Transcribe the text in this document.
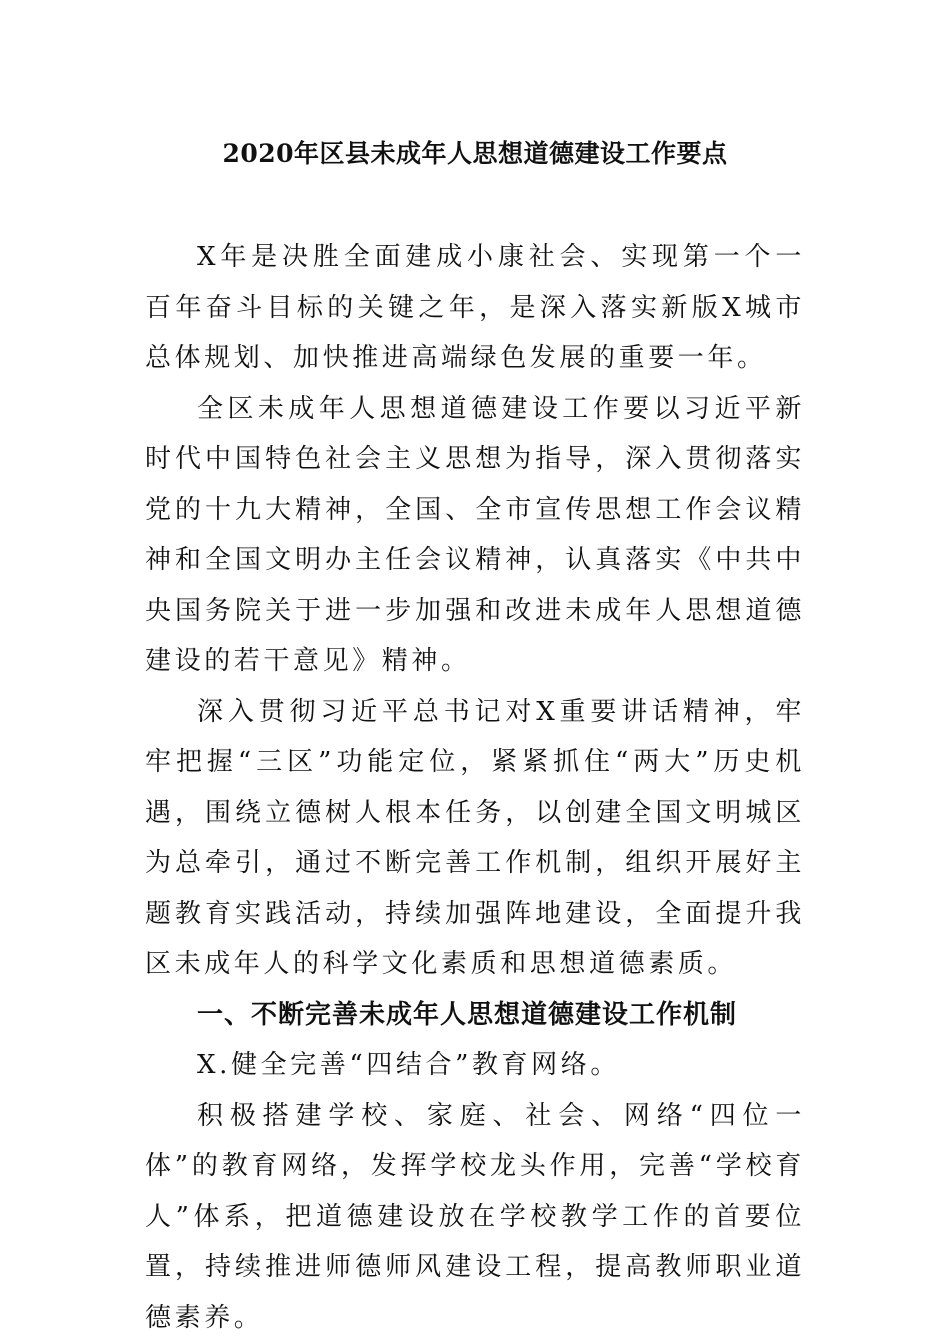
2020年区县未成年人思想道德建设工作要点

X年是决胜全面建成小康社会、实现第一个一百年奋斗目标的关键之年，是深入落实新版X城市总体规划、加快推进高端绿色发展的重要一年。

全区未成年人思想道德建设工作要以习近平新时代中国特色社会主义思想为指导，深入贯彻落实党的十九大精神，全国、全市宣传思想工作会议精神和全国文明办主任会议精神，认真落实《中共中央国务院关于进一步加强和改进未成年人思想道德建设的若干意见》精神。

深入贯彻习近平总书记对X重要讲话精神，牢牢把握“三区”功能定位，紧紧抓住“两大”历史机遇，围绕立德树人根本任务，以创建全国文明城区为总牵引，通过不断完善工作机制，组织开展好主题教育实践活动，持续加强阵地建设，全面提升我区未成年人的科学文化素质和思想道德素质。

一、不断完善未成年人思想道德建设工作机制

X.健全完善“四结合”教育网络。

积极搭建学校、家庭、社会、网络“四位一体”的教育网络，发挥学校龙头作用，完善“学校育人”体系，把道德建设放在学校教学工作的首要位置，持续推进师德师风建设工程，提高教师职业道德素养。
